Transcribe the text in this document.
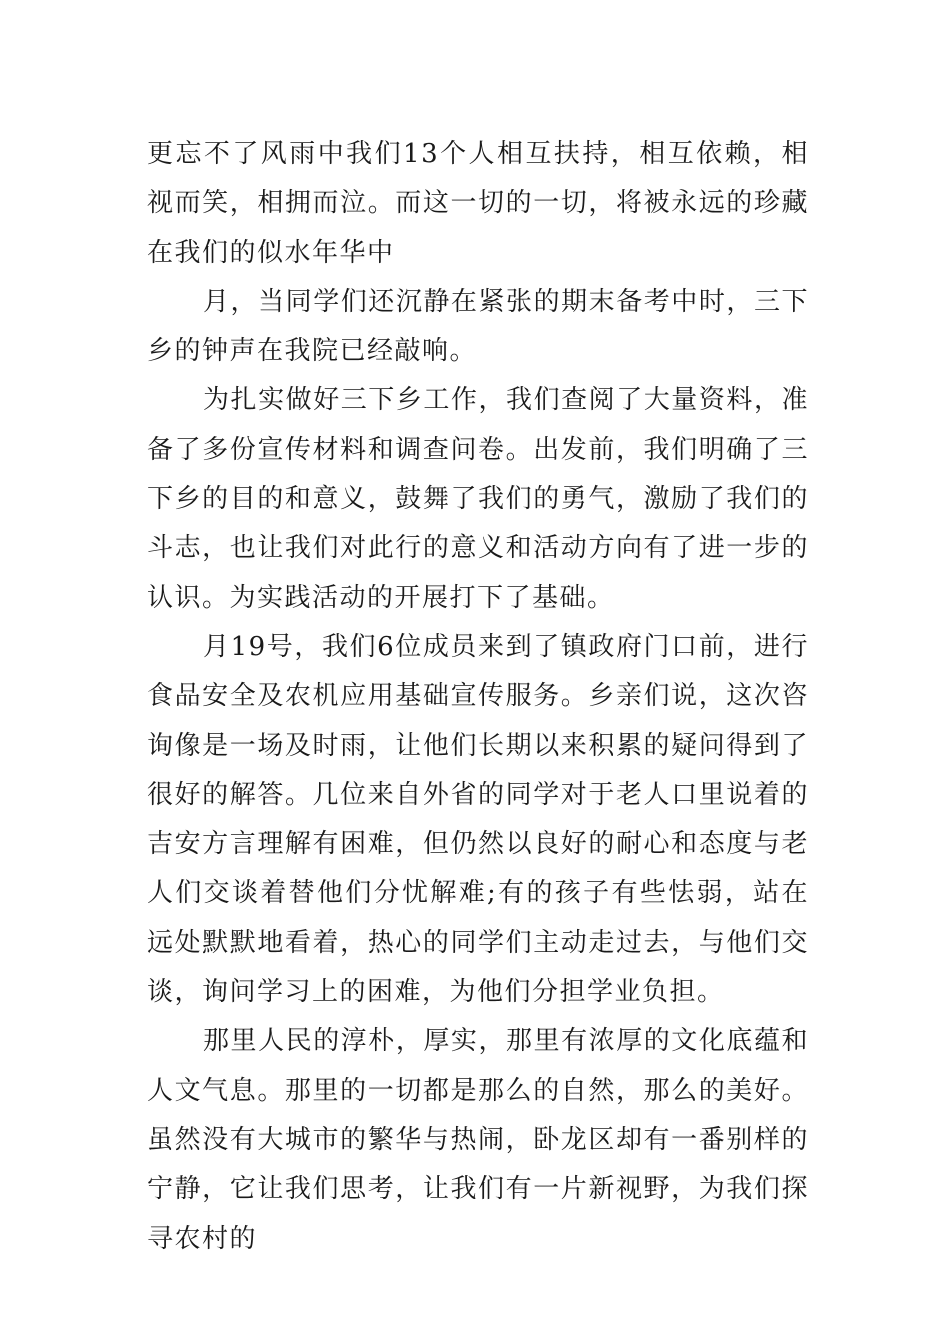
更忘不了风雨中我们13个人相互扶持，相互依赖，相视而笑，相拥而泣。而这一切的一切，将被永远的珍藏在我们的似水年华中

月，当同学们还沉静在紧张的期末备考中时，三下乡的钟声在我院已经敲响。

为扎实做好三下乡工作，我们查阅了大量资料，准备了多份宣传材料和调查问卷。出发前，我们明确了三下乡的目的和意义，鼓舞了我们的勇气，激励了我们的斗志，也让我们对此行的意义和活动方向有了进一步的认识。为实践活动的开展打下了基础。

月19号，我们6位成员来到了镇政府门口前，进行食品安全及农机应用基础宣传服务。乡亲们说，这次咨询像是一场及时雨，让他们长期以来积累的疑问得到了很好的解答。几位来自外省的同学对于老人口里说着的吉安方言理解有困难，但仍然以良好的耐心和态度与老人们交谈着替他们分忧解难;有的孩子有些怯弱，站在远处默默地看着，热心的同学们主动走过去，与他们交谈，询问学习上的困难，为他们分担学业负担。

那里人民的淳朴，厚实，那里有浓厚的文化底蕴和人文气息。那里的一切都是那么的自然，那么的美好。虽然没有大城市的繁华与热闹，卧龙区却有一番别样的宁静，它让我们思考，让我们有一片新视野，为我们探寻农村的
